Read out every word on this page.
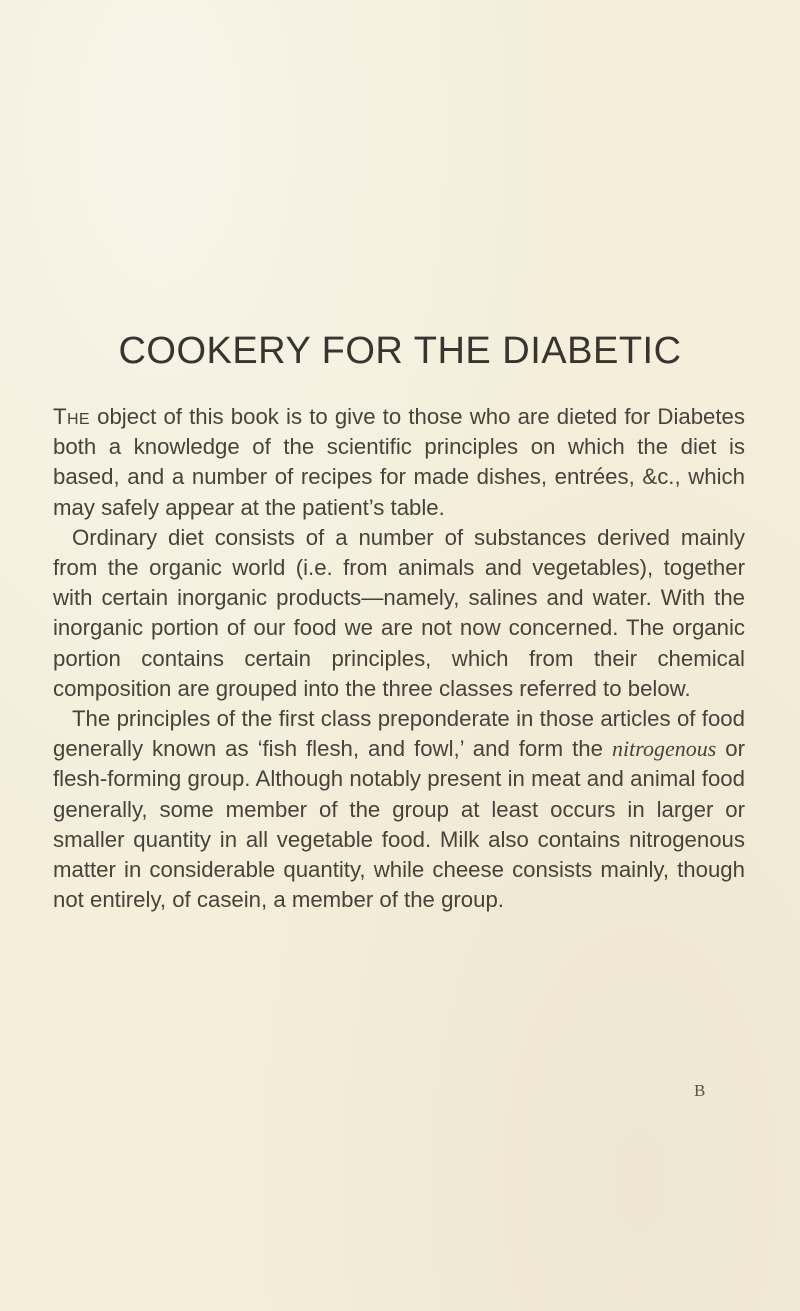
COOKERY FOR THE DIABETIC

The object of this book is to give to those who are dieted for Diabetes both a knowledge of the scientific principles on which the diet is based, and a number of recipes for made dishes, entrées, &c., which may safely appear at the patient’s table.

Ordinary diet consists of a number of substances derived mainly from the organic world (i.e. from animals and vegetables), together with certain inorganic products—namely, salines and water. With the inorganic portion of our food we are not now concerned. The organic portion contains certain principles, which from their chemical composition are grouped into the three classes referred to below.

The principles of the first class preponderate in those articles of food generally known as ‘fish flesh, and fowl,’ and form the nitrogenous or flesh-forming group. Although notably present in meat and animal food generally, some member of the group at least occurs in larger or smaller quantity in all vegetable food. Milk also contains nitrogenous matter in considerable quantity, while cheese consists mainly, though not entirely, of casein, a member of the group.

B
